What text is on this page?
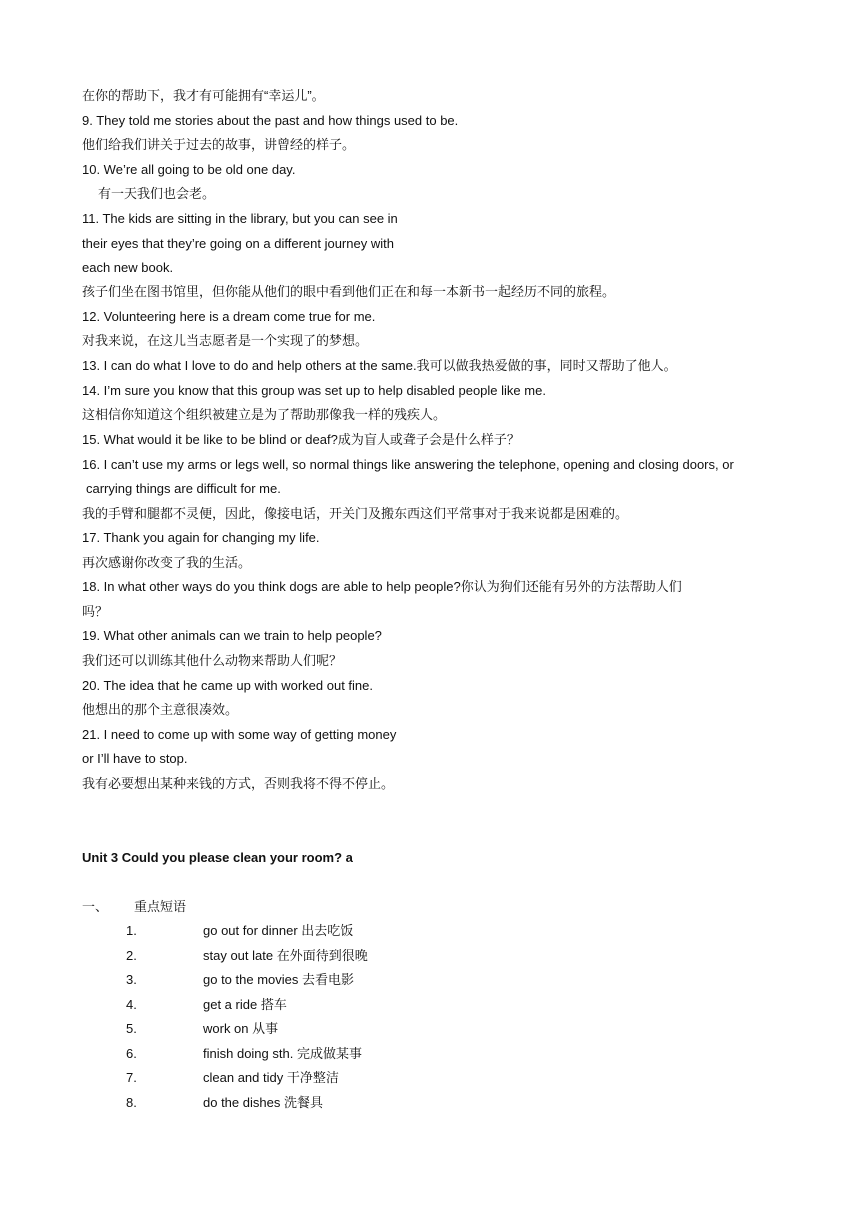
在你的帮助下，我才有可能拥有“幸运儿”。
9. They told me stories about the past and how things used to be.
他们给我们讲关于过去的故事，讲曾经的样子。
10. We’re all going to be old one day.
有一天我们也会老。
11. The kids are sitting in the library, but you can see in
their eyes that they’re going on a different journey with
each new book.
孩子们坐在图书馆里，但你能从他们的眼中看到他们正在和每一本新书一起经历不同的旅程。
12. Volunteering here is a dream come true for me.
对我来说，在这儿当志愿者是一个实现了的梦想。
13. I can do what I love to do and help others at the same.我可以做我热爱做的事，同时又帮助了他人。
14. I’m sure you know that this group was set up to help disabled people like me.
这相信你知道这个组织被建立是为了帮助那像我一样的残疾人。
15. What would it be like to be blind or deaf?成为盲人或聋子会是什么样子？
16. I can’t use my arms or legs well, so normal things like answering the telephone, opening and closing doors, or
carrying things are difficult for me.
我的手臂和腿都不灵便，因此，像接电话，开关门及搬东西这们平常事对于我来说都是困难的。
17. Thank you again for changing my life.
再次感谢你改变了我的生活。
18. In what other ways do you think dogs are able to help people?你认为狗们还能有另外的方法帮助人们
吗？
19. What other animals can we train to help people?
我们还可以训练其他什么动物来帮助人们呢？
20. The idea that he came up with worked out fine.
他想出的那个主意很凑效。
21. I need to come up with some way of getting money
or I’ll have to stop.
我有必要想出某种来钱的方式，否则我将不得不停止。
Unit 3 Could you please clean your room? a
一、 重点短语
1.	go out for dinner 出去吃饭
2.	stay out late 在外面待到很晚
3.	go to the movies 去看电影
4.	get a ride 搭车
5.	work on 从事
6.	finish doing sth. 完成做某事
7.	clean and tidy 干净整洁
8.	do the dishes 洗餐具
